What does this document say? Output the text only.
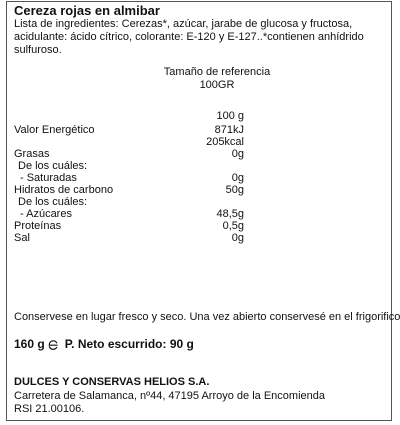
Cereza rojas en almibar
Lista de ingredientes: Cerezas*, azúcar, jarabe de glucosa y fructosa,
acidulante: ácido cítrico, colorante: E-120 y E-127..*contienen anhídrido
sulfuroso.
Tamaño de referencia
100GR
100 g
Valor Energético	871kJ
205kcal
Grasas	0g
De los cuáles:
- Saturadas	0g
Hidratos de carbono	50g
De los cuáles:
- Azúcares	48,5g
Proteínas	0,5g
Sal	0g
Conservese en lugar fresco y seco. Una vez abierto conservesé en el frigorifico
160 g P. Neto escurrido: 90 g
DULCES Y CONSERVAS HELIOS S.A.
Carretera de Salamanca, nº44, 47195 Arroyo de la Encomienda
RSI 21.00106.
